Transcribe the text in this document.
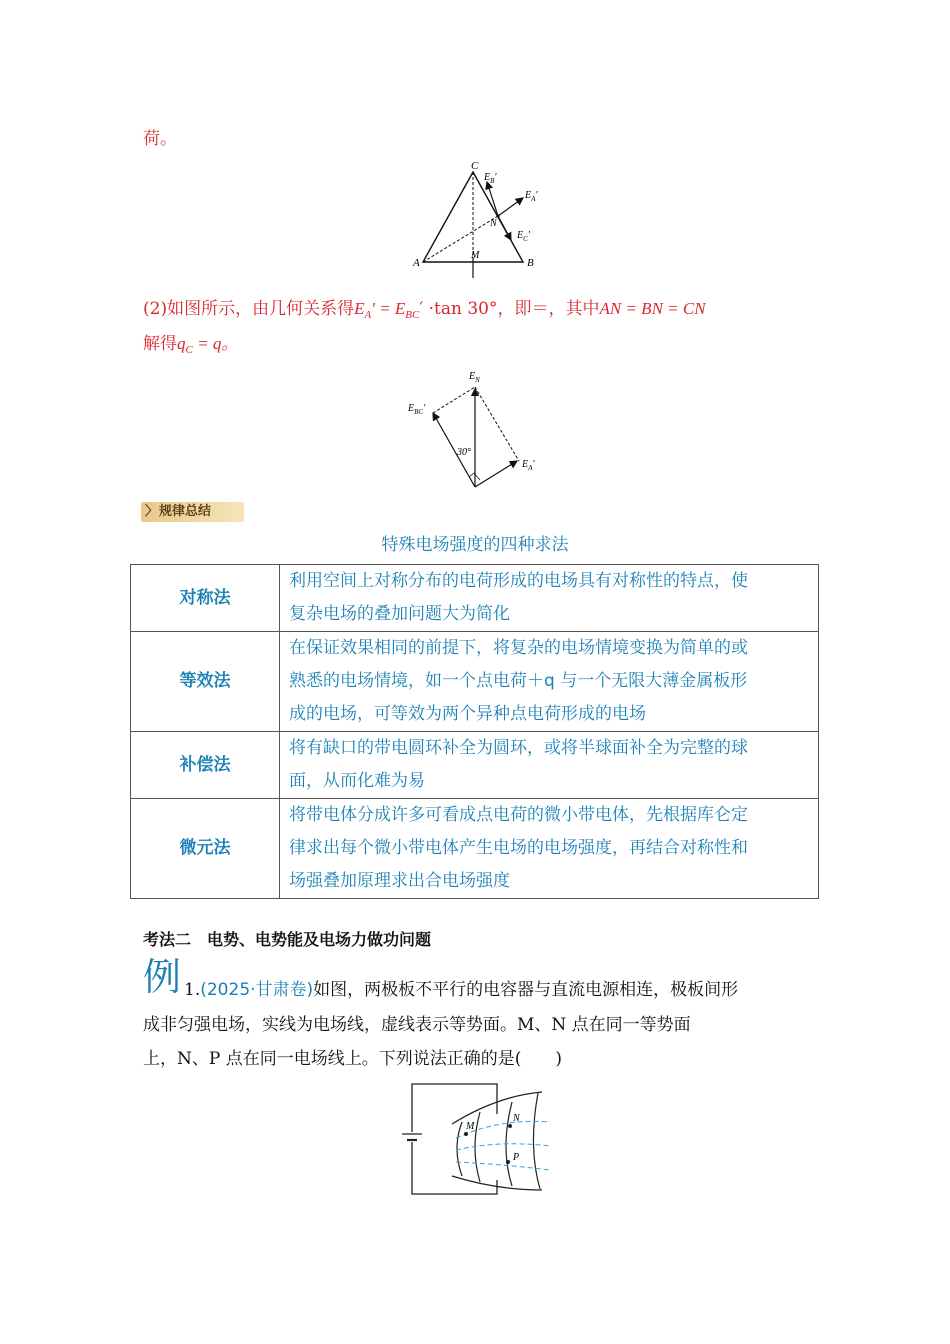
荷。
C
A	B
M
N
$E_B'$
$E_A'$
$E_C'$
(2)如图所示，由几何关系得$E_A' = E_{BC}' \cdot\tan$ 30°，即＝，其中AN = BN = CN
解得$q_C = q$。
$E_N$
$E_{BC}'$
$E_A'$
30°
〉规律总结
特殊电场强度的四种求法
对称法	利用空间上对称分布的电荷形成的电场具有对称性的特点，使
复杂电场的叠加问题大为简化

等效法	在保证效果相同的前提下，将复杂的电场情境变换为简单的或
熟悉的电场情境，如一个点电荷＋q 与一个无限大薄金属板形
成的电场，可等效为两个异种点电荷形成的电场

补偿法	将有缺口的带电圆环补全为圆环，或将半球面补全为完整的球
面，从而化难为易

微元法	将带电体分成许多可看成点电荷的微小带电体，先根据库仑定
律求出每个微小带电体产生电场的电场强度，再结合对称性和
场强叠加原理求出合电场强度
考法二　电势、电势能及电场力做功问题
例 1.(2025·甘肃卷)如图，两极板不平行的电容器与直流电源相连，极板间形
成非匀强电场，实线为电场线，虚线表示等势面。M、N 点在同一等势面
上，N、P 点在同一电场线上。下列说法正确的是(　　)
M
N
P
